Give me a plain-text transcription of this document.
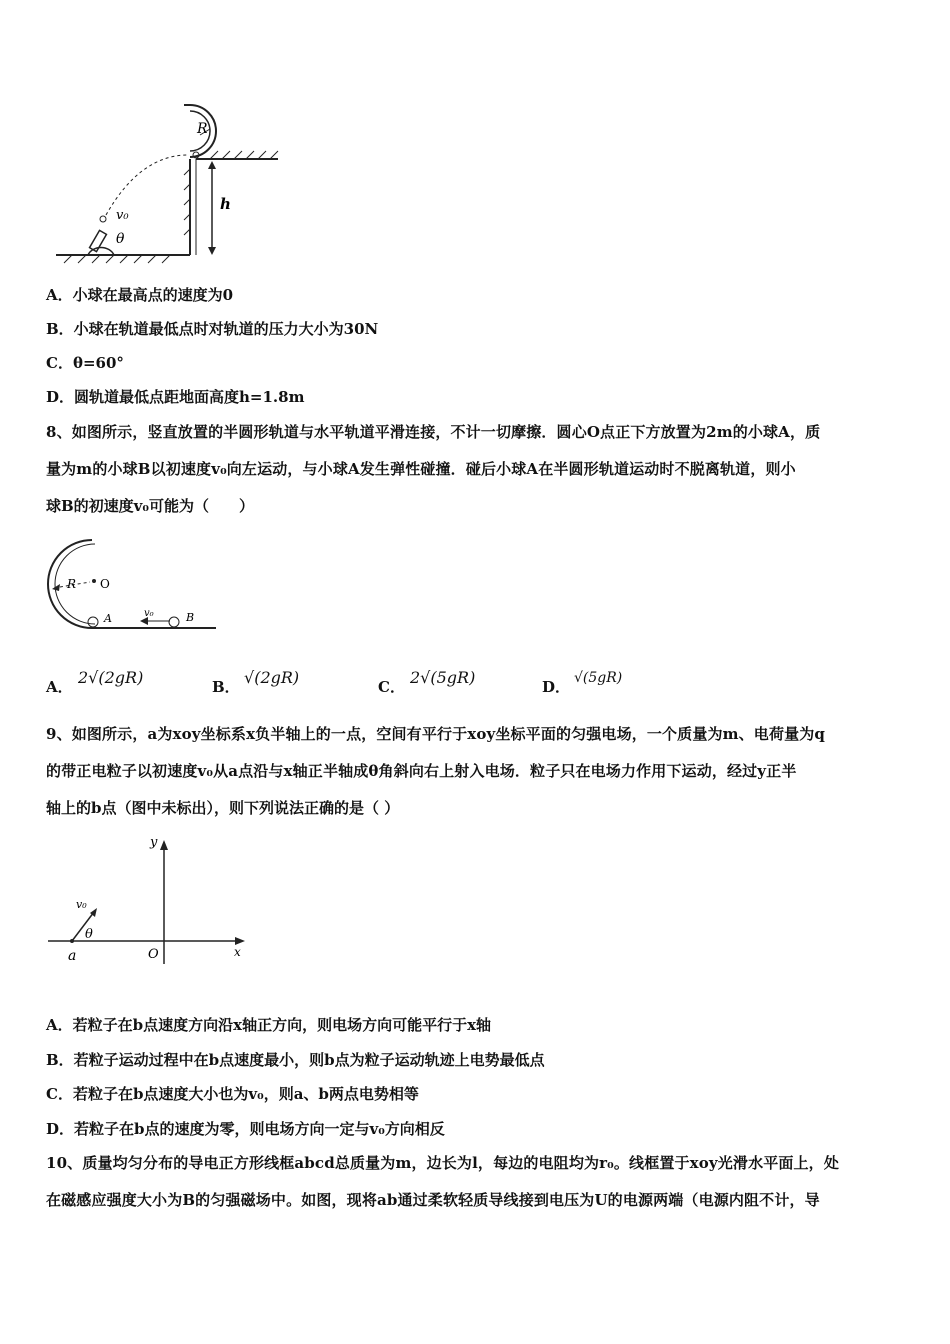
R
h
v₀
θ
A．小球在最高点的速度为0
B．小球在轨道最低点时对轨道的压力大小为30N
C．θ=60°
D．圆轨道最低点距地面高度h=1.8m
8、如图所示，竖直放置的半圆形轨道与水平轨道平滑连接，不计一切摩擦．圆心O点正下方放置为2m的小球A，质
量为m的小球B以初速度v₀向左运动，与小球A发生弹性碰撞．碰后小球A在半圆形轨道运动时不脱离轨道，则小
球B的初速度v₀可能为（　　）
R O
A	v₀	B
A． 2√(2gR)	B． √(2gR)	C． 2√(5gR)	D． √(5gR)
9、如图所示，a为xoy坐标系x负半轴上的一点，空间有平行于xoy坐标平面的匀强电场，一个质量为m、电荷量为q
的带正电粒子以初速度v₀从a点沿与x轴正半轴成θ角斜向右上射入电场．粒子只在电场力作用下运动，经过y正半
轴上的b点（图中未标出），则下列说法正确的是（ ）
y
x
O
a
v₀
θ
A．若粒子在b点速度方向沿x轴正方向，则电场方向可能平行于x轴
B．若粒子运动过程中在b点速度最小，则b点为粒子运动轨迹上电势最低点
C．若粒子在b点速度大小也为v₀，则a、b两点电势相等
D．若粒子在b点的速度为零，则电场方向一定与v₀方向相反
10、质量均匀分布的导电正方形线框abcd总质量为m，边长为l，每边的电阻均为r₀。线框置于xoy光滑水平面上，处
在磁感应强度大小为B的匀强磁场中。如图，现将ab通过柔软轻质导线接到电压为U的电源两端（电源内阻不计，导
